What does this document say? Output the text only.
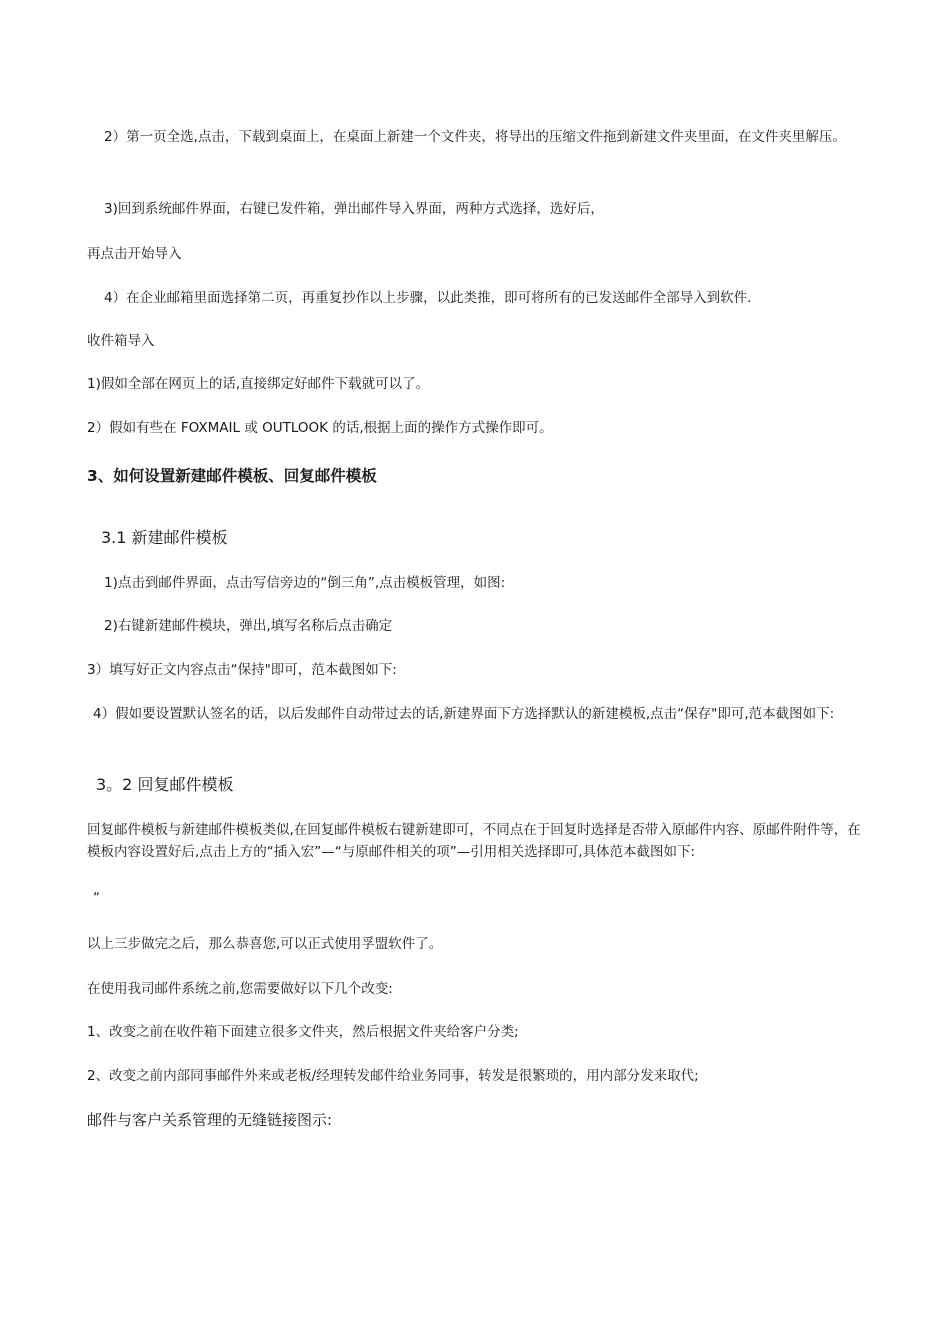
2）第一页全选,点击，下载到桌面上，在桌面上新建一个文件夹，将导出的压缩文件拖到新建文件夹里面，在文件夹里解压。
3)回到系统邮件界面，右键已发件箱，弹出邮件导入界面，两种方式选择，选好后，
再点击开始导入
4）在企业邮箱里面选择第二页，再重复抄作以上步骤，以此类推，即可将所有的已发送邮件全部导入到软件.
收件箱导入
1)假如全部在网页上的话,直接绑定好邮件下载就可以了。
2）假如有些在 FOXMAIL 或 OUTLOOK 的话,根据上面的操作方式操作即可。
3、如何设置新建邮件模板、回复邮件模板
3.1 新建邮件模板
1)点击到邮件界面，点击写信旁边的“倒三角”,点击模板管理，如图:
2)右键新建邮件模块，弹出,填写名称后点击确定
3）填写好正文内容点击“保持"即可，范本截图如下:
4）假如要设置默认签名的话，以后发邮件自动带过去的话,新建界面下方选择默认的新建模板,点击“保存"即可,范本截图如下:
3。2 回复邮件模板
回复邮件模板与新建邮件模板类似,在回复邮件模板右键新建即可，不同点在于回复时选择是否带入原邮件内容、原邮件附件等，在模板内容设置好后,点击上方的“插入宏”—“与原邮件相关的项”—引用相关选择即可,具体范本截图如下:
“
以上三步做完之后，那么恭喜您,可以正式使用孚盟软件了。
在使用我司邮件系统之前,您需要做好以下几个改变:
1、改变之前在收件箱下面建立很多文件夹，然后根据文件夹给客户分类;
2、改变之前内部同事邮件外来或老板/经理转发邮件给业务同事，转发是很繁琐的，用内部分发来取代;
邮件与客户关系管理的无缝链接图示:
